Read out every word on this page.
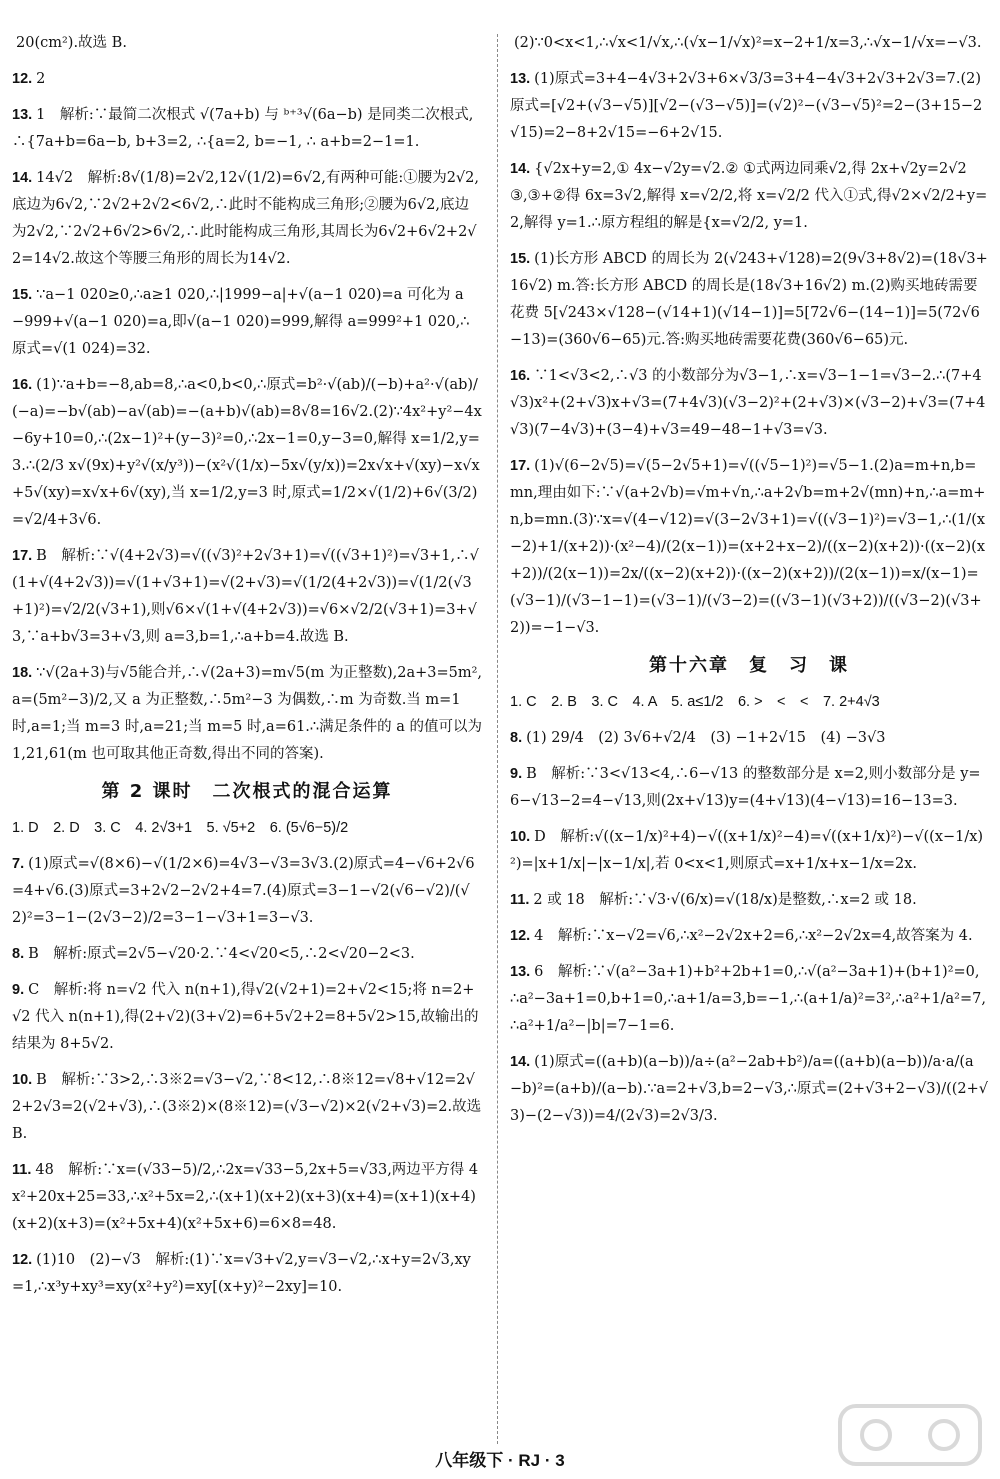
20(cm²).故选 B.
12. 2
13. 1　解析:∵最简二次根式 √(7a+b) 与 ᵇ⁺³√(6a−b) 是同类二次根式,∴{7a+b=6a−b, b+3=2, ∴{a=2, b=−1, ∴ a+b=2−1=1.
14. 14√2　解析:8√(1/8)=2√2,12√(1/2)=6√2,有两种可能:①腰为2√2,底边为6√2,∵2√2+2√2<6√2,∴此时不能构成三角形;②腰为6√2,底边为2√2,∵2√2+6√2>6√2,∴此时能构成三角形,其周长为6√2+6√2+2√2=14√2.故这个等腰三角形的周长为14√2.
15. ∵a−1 020≥0,∴a≥1 020,∴|1999−a|+√(a−1 020)=a 可化为 a−999+√(a−1 020)=a,即√(a−1 020)=999,解得 a=999²+1 020,∴原式=√(1 024)=32.
16. (1)∵a+b=−8,ab=8,∴a<0,b<0,∴原式=b²·√(ab)/(−b)+a²·√(ab)/(−a)=−b√(ab)−a√(ab)=−(a+b)√(ab)=8√8=16√2.(2)∵4x²+y²−4x−6y+10=0,∴(2x−1)²+(y−3)²=0,∴2x−1=0,y−3=0,解得 x=1/2,y=3.∴(2/3 x√(9x)+y²√(x/y³))−(x²√(1/x)−5x√(y/x))=2x√x+√(xy)−x√x+5√(xy)=x√x+6√(xy),当 x=1/2,y=3 时,原式=1/2×√(1/2)+6√(3/2)=√2/4+3√6.
17. B　解析:∵√(4+2√3)=√((√3)²+2√3+1)=√((√3+1)²)=√3+1,∴√(1+√(4+2√3))=√(1+√3+1)=√(2+√3)=√(1/2(4+2√3))=√(1/2(√3+1)²)=√2/2(√3+1),则√6×√(1+√(4+2√3))=√6×√2/2(√3+1)=3+√3,∵a+b√3=3+√3,则 a=3,b=1,∴a+b=4.故选 B.
18. ∵√(2a+3)与√5能合并,∴√(2a+3)=m√5(m 为正整数),2a+3=5m²,a=(5m²−3)/2,又 a 为正整数,∴5m²−3 为偶数,∴m 为奇数.当 m=1 时,a=1;当 m=3 时,a=21;当 m=5 时,a=61.∴满足条件的 a 的值可以为 1,21,61(m 也可取其他正奇数,得出不同的答案).
第 2 课时　二次根式的混合运算
1. D　2. D　3. C　4. 2√3+1　5. √5+2　6. (5√6−5)/2
7. (1)原式=√(8×6)−√(1/2×6)=4√3−√3=3√3.(2)原式=4−√6+2√6=4+√6.(3)原式=3+2√2−2√2+4=7.(4)原式=3−1−√2(√6−√2)/(√2)²=3−1−(2√3−2)/2=3−1−√3+1=3−√3.
8. B　解析:原式=2√5−√20·2.∵4<√20<5,∴2<√20−2<3.
9. C　解析:将 n=√2 代入 n(n+1),得√2(√2+1)=2+√2<15;将 n=2+√2 代入 n(n+1),得(2+√2)(3+√2)=6+5√2+2=8+5√2>15,故输出的结果为 8+5√2.
10. B　解析:∵3>2,∴3※2=√3−√2,∵8<12,∴8※12=√8+√12=2√2+2√3=2(√2+√3),∴(3※2)×(8※12)=(√3−√2)×2(√2+√3)=2.故选 B.
11. 48　解析:∵x=(√33−5)/2,∴2x=√33−5,2x+5=√33,两边平方得 4x²+20x+25=33,∴x²+5x=2,∴(x+1)(x+2)(x+3)(x+4)=(x+1)(x+4)(x+2)(x+3)=(x²+5x+4)(x²+5x+6)=6×8=48.
12. (1)10　(2)−√3　解析:(1)∵x=√3+√2,y=√3−√2,∴x+y=2√3,xy=1,∴x³y+xy³=xy(x²+y²)=xy[(x+y)²−2xy]=10.
(2)∵0<x<1,∴√x<1/√x,∴(√x−1/√x)²=x−2+1/x=3,∴√x−1/√x=−√3.
13. (1)原式=3+4−4√3+2√3+6×√3/3=3+4−4√3+2√3+2√3=7.(2)原式=[√2+(√3−√5)][√2−(√3−√5)]=(√2)²−(√3−√5)²=2−(3+15−2√15)=2−8+2√15=−6+2√15.
14. {√2x+y=2,① 4x−√2y=√2.② ①式两边同乘√2,得 2x+√2y=2√2 ③,③+②得 6x=3√2,解得 x=√2/2,将 x=√2/2 代入①式,得√2×√2/2+y=2,解得 y=1.∴原方程组的解是{x=√2/2, y=1.
15. (1)长方形 ABCD 的周长为 2(√243+√128)=2(9√3+8√2)=(18√3+16√2) m.答:长方形 ABCD 的周长是(18√3+16√2) m.(2)购买地砖需要花费 5[√243×√128−(√14+1)(√14−1)]=5[72√6−(14−1)]=5(72√6−13)=(360√6−65)元.答:购买地砖需要花费(360√6−65)元.
16. ∵1<√3<2,∴√3 的小数部分为√3−1,∴x=√3−1−1=√3−2.∴(7+4√3)x²+(2+√3)x+√3=(7+4√3)(√3−2)²+(2+√3)×(√3−2)+√3=(7+4√3)(7−4√3)+(3−4)+√3=49−48−1+√3=√3.
17. (1)√(6−2√5)=√(5−2√5+1)=√((√5−1)²)=√5−1.(2)a=m+n,b=mn,理由如下:∵√(a+2√b)=√m+√n,∴a+2√b=m+2√(mn)+n,∴a=m+n,b=mn.(3)∵x=√(4−√12)=√(3−2√3+1)=√((√3−1)²)=√3−1,∴(1/(x−2)+1/(x+2))·(x²−4)/(2(x−1))=(x+2+x−2)/((x−2)(x+2))·((x−2)(x+2))/(2(x−1))=2x/((x−2)(x+2))·((x−2)(x+2))/(2(x−1))=x/(x−1)=(√3−1)/(√3−1−1)=(√3−1)/(√3−2)=((√3−1)(√3+2))/((√3−2)(√3+2))=−1−√3.
第十六章　复　习　课
1. C　2. B　3. C　4. A　5. a≤1/2　6. >　<　<　7. 2+4√3
8. (1) 29/4　(2) 3√6+√2/4　(3) −1+2√15　(4) −3√3
9. B　解析:∵3<√13<4,∴6−√13 的整数部分是 x=2,则小数部分是 y=6−√13−2=4−√13,则(2x+√13)y=(4+√13)(4−√13)=16−13=3.
10. D　解析:√((x−1/x)²+4)−√((x+1/x)²−4)=√((x+1/x)²)−√((x−1/x)²)=|x+1/x|−|x−1/x|,若 0<x<1,则原式=x+1/x+x−1/x=2x.
11. 2 或 18　解析:∵√3·√(6/x)=√(18/x)是整数,∴x=2 或 18.
12. 4　解析:∵x−√2=√6,∴x²−2√2x+2=6,∴x²−2√2x=4,故答案为 4.
13. 6　解析:∵√(a²−3a+1)+b²+2b+1=0,∴√(a²−3a+1)+(b+1)²=0,∴a²−3a+1=0,b+1=0,∴a+1/a=3,b=−1,∴(a+1/a)²=3²,∴a²+1/a²=7,∴a²+1/a²−|b|=7−1=6.
14. (1)原式=((a+b)(a−b))/a÷(a²−2ab+b²)/a=((a+b)(a−b))/a·a/(a−b)²=(a+b)/(a−b).∵a=2+√3,b=2−√3,∴原式=(2+√3+2−√3)/((2+√3)−(2−√3))=4/(2√3)=2√3/3.
八年级下 · RJ · 3
